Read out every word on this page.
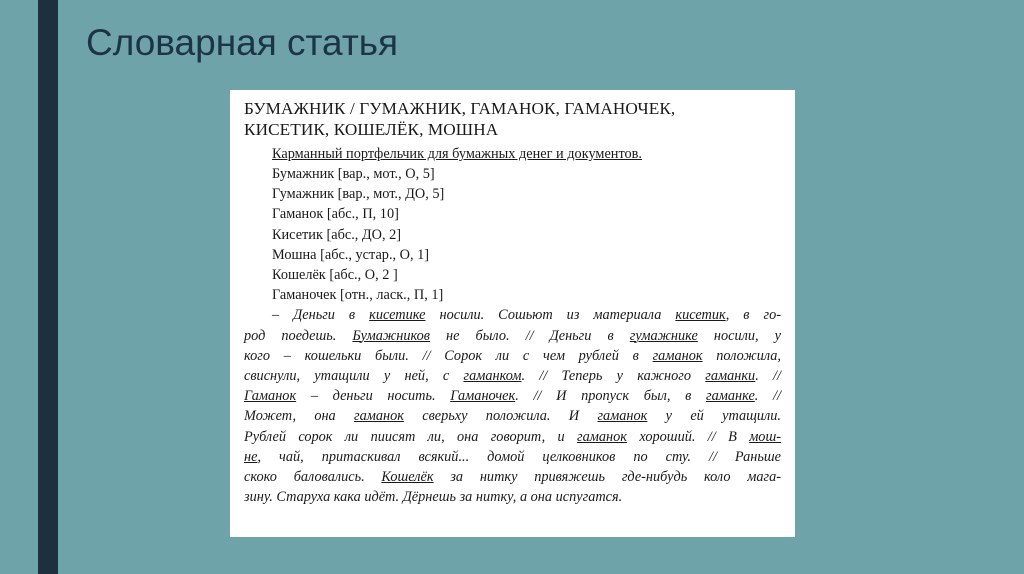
Словарная статья
БУМАЖНИК / ГУМАЖНИК, ГАМАНОК, ГАМАНОЧЕК,
КИСЕТИК, КОШЕЛЁК, МОШНА
Карманный портфельчик для бумажных денег и документов.
Бумажник [вар., мот., О, 5]
Гумажник [вар., мот., ДО, 5]
Гаманок [абс., П, 10]
Кисетик [абс., ДО, 2]
Мошна [абс., устар., О, 1]
Кошелёк [абс., О, 2 ]
Гаманочек [отн., ласк., П, 1]
– Деньги в кисетике носили. Сошьют из материала кисетик, в го-
род поедешь. Бумажников не было. // Деньги в гумажнике носили, у
кого – кошельки были. // Сорок ли с чем рублей в гаманок положила,
свиснули, утащили у ней, с гаманком. // Теперь у кажного гаманки. //
Гаманок – деньги носить. Гаманочек. // И пропуск был, в гаманке. //
Может, она гаманок сверьху положила. И гаманок у ей утащили.
Рублей сорок ли пиисят ли, она говорит, и гаманок хороший. // В мош-
не, чай, притаскивал всякий... домой целковников по сту. // Раньше
скоко баловались. Кошелёк за нитку привяжешь где-нибудь коло мага-
зину. Старуха кака идёт. Дёрнешь за нитку, а она испугатся.
